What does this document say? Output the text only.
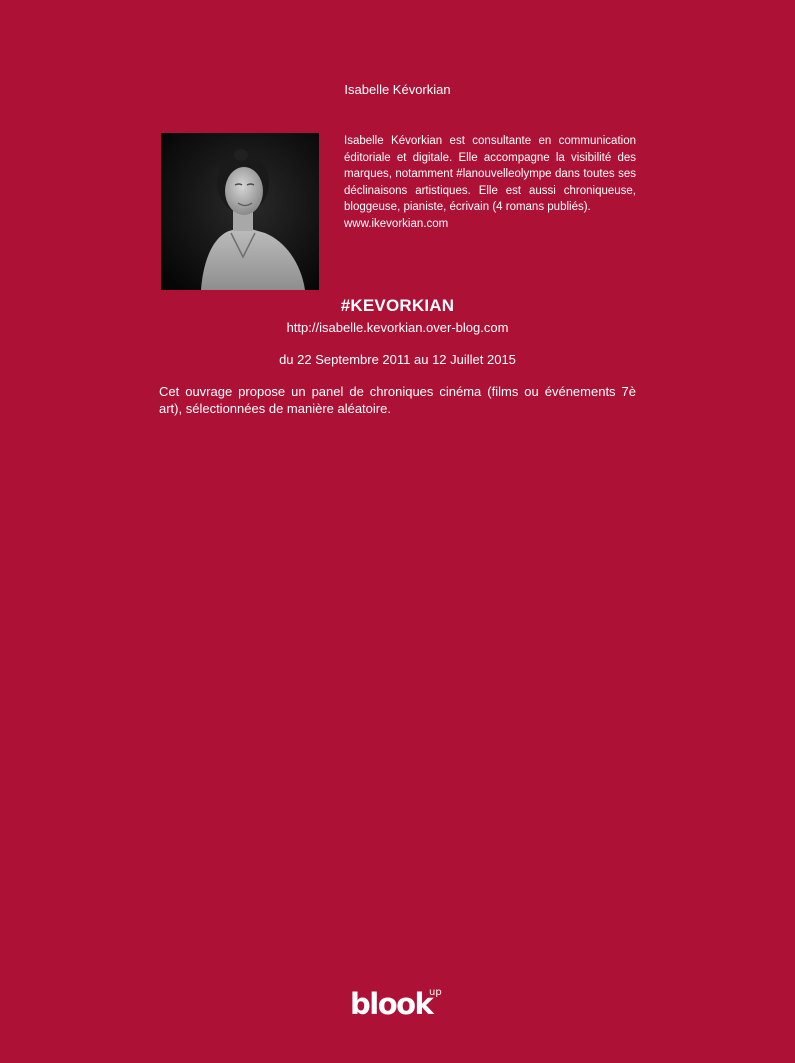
Isabelle Kévorkian
Isabelle Kévorkian est consultante en communication éditoriale et digitale. Elle accompagne la visibilité des marques, notamment #lanouvelleolympe dans toutes ses déclinaisons artistiques. Elle est aussi chroniqueuse, bloggeuse, pianiste, écrivain (4 romans publiés).
www.ikevorkian.com
#KEVORKIAN
http://isabelle.kevorkian.over-blog.com
du 22 Septembre 2011 au 12 Juillet 2015

Cet ouvrage propose un panel de chroniques cinéma (films ou événements 7è art), sélectionnées de manière aléatoire.

blook
up
